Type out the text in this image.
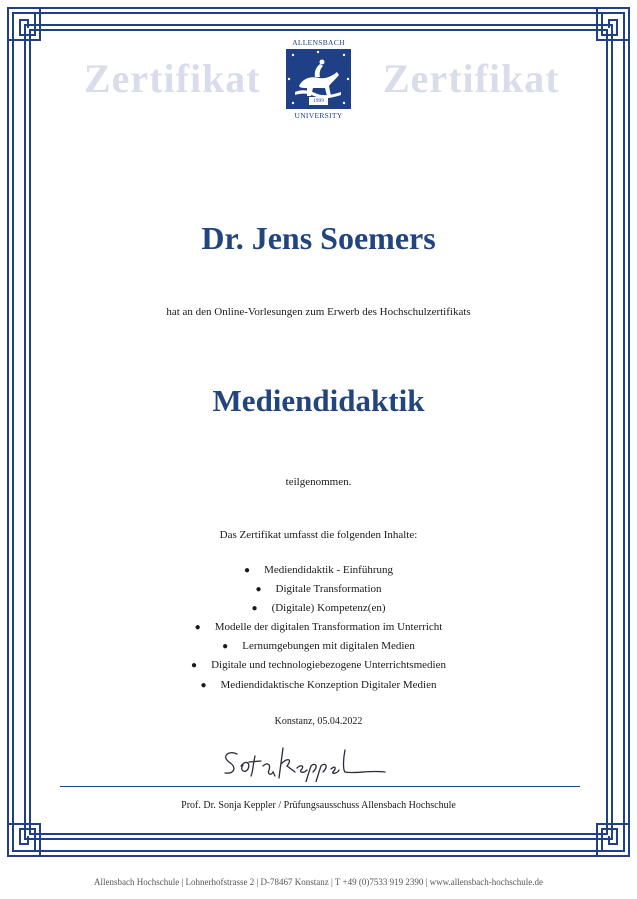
Zertifikat	Zertifikat
ALLENSBACH
1999
UNIVERSITY
Dr. Jens Soemers
hat an den Online-Vorlesungen zum Erwerb des Hochschulzertifikats
Mediendidaktik
teilgenommen.
Das Zertifikat umfasst die folgenden Inhalte:
● Mediendidaktik - Einführung
● Digitale Transformation
● (Digitale) Kompetenz(en)
● Modelle der digitalen Transformation im Unterricht
● Lernumgebungen mit digitalen Medien
● Digitale und technologiebezogene Unterrichtsmedien
● Mediendidaktische Konzeption Digitaler Medien
Konstanz, 05.04.2022
Prof. Dr. Sonja Keppler / Prüfungsausschuss Allensbach Hochschule
Allensbach Hochschule | Lohnerhofstrasse 2 | D-78467 Konstanz | T +49 (0)7533 919 2390 | www.allensbach-hochschule.de
